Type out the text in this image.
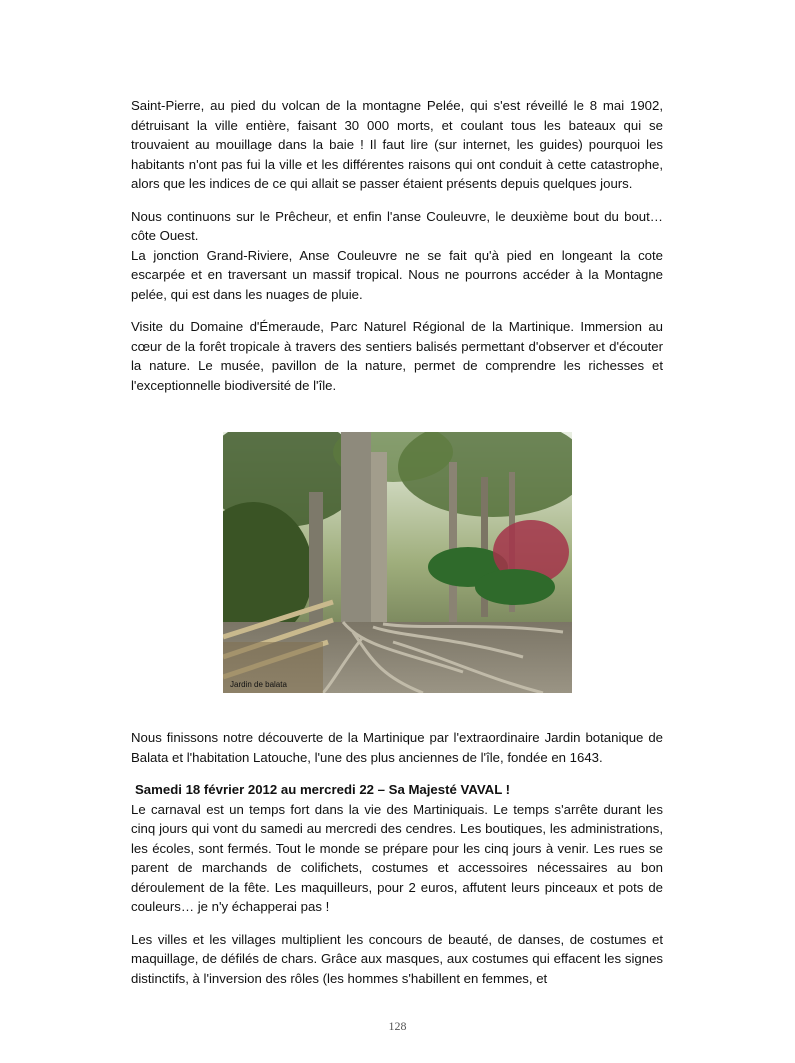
Saint-Pierre, au pied du volcan de la montagne Pelée, qui s'est réveillé le 8 mai 1902, détruisant la ville entière, faisant 30 000 morts, et coulant tous les bateaux qui se trouvaient au mouillage dans la baie ! Il faut lire (sur internet, les guides) pourquoi les habitants n'ont pas fui la ville et les différentes raisons qui ont conduit à cette catastrophe, alors que les indices de ce qui allait se passer étaient présents depuis quelques jours.

Nous continuons sur le Prêcheur, et enfin l'anse Couleuvre, le deuxième bout du bout… côte Ouest.

La jonction Grand-Riviere, Anse Couleuvre ne se fait qu'à pied en longeant la cote escarpée et en traversant un massif tropical. Nous ne pourrons accéder à la Montagne pelée, qui est dans les nuages de pluie.

Visite du Domaine d'Émeraude, Parc Naturel Régional de la Martinique. Immersion au cœur de la forêt tropicale à travers des sentiers balisés permettant d'observer et d'écouter la nature. Le musée, pavillon de la nature, permet de comprendre les richesses et l'exceptionnelle biodiversité de l'île.

Jardin de balata

Nous finissons notre découverte de la Martinique par l'extraordinaire Jardin botanique de Balata et l'habitation Latouche, l'une des plus anciennes de l'île, fondée en 1643.

Samedi 18 février 2012 au mercredi 22 – Sa Majesté VAVAL !

Le carnaval est un temps fort dans la vie des Martiniquais. Le temps s'arrête durant les cinq jours qui vont du samedi au mercredi des cendres. Les boutiques, les administrations, les écoles, sont fermés. Tout le monde se prépare pour les cinq jours à venir. Les rues se parent de marchands de colifichets, costumes et accessoires nécessaires au bon déroulement de la fête. Les maquilleurs, pour 2 euros, affutent leurs pinceaux et pots de couleurs… je n'y échapperai pas !

Les villes et les villages multiplient les concours de beauté, de danses, de costumes et maquillage, de défilés de chars. Grâce aux masques, aux costumes qui effacent les signes distinctifs, à l'inversion des rôles (les hommes s'habillent en femmes, et

128
